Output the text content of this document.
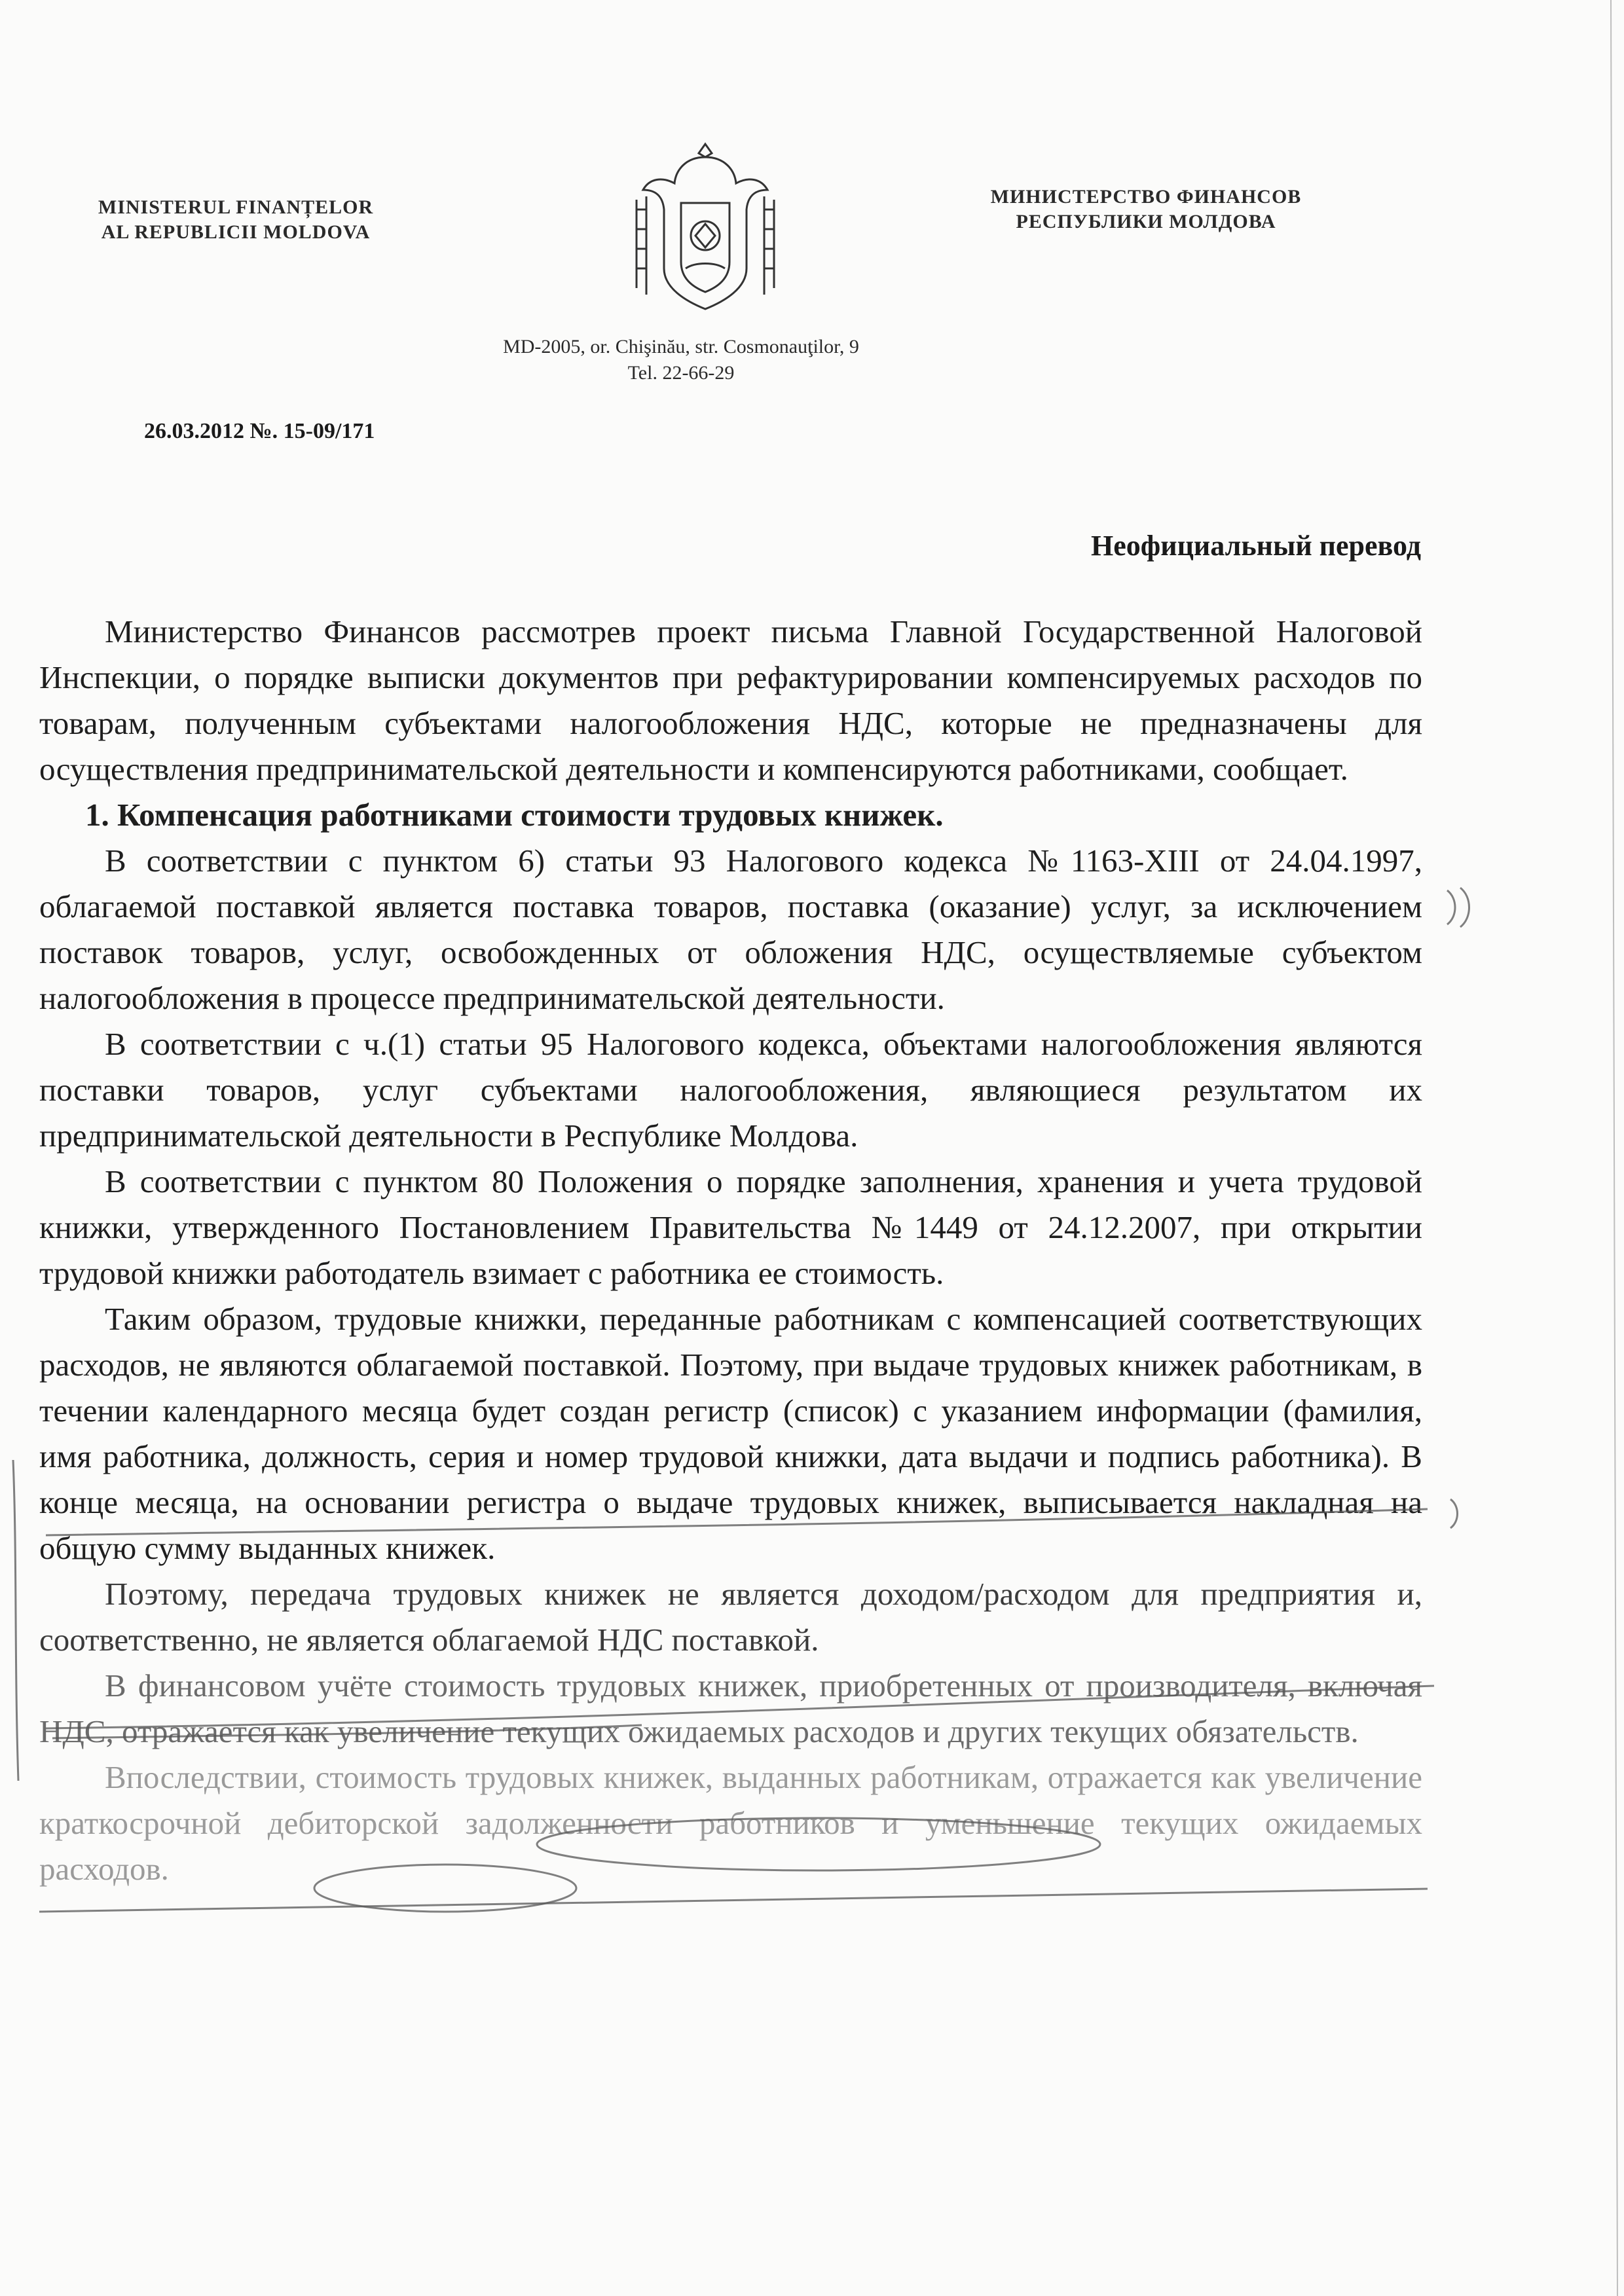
MINISTERUL FINANȚELOR
AL REPUBLICII MOLDOVA
МИНИСТЕРСТВО ФИНАНСОВ
РЕСПУБЛИКИ МОЛДОВА
MD-2005, or. Chişinău, str. Cosmonauţilor, 9
Tel. 22-66-29
26.03.2012 №. 15-09/171
Неофициальный перевод

Министерство Финансов рассмотрев проект письма Главной Государственной Налоговой Инспекции, о порядке выписки документов при рефактурировании компенсируемых расходов по товарам, полученным субъектами налогообложения НДС, которые не предназначены для осуществления предпринимательской деятельности и компенсируются работниками, сообщает.

1. Компенсация работниками стоимости трудовых книжек.

В соответствии с пунктом 6) статьи 93 Налогового кодекса №1163-XIII от 24.04.1997, облагаемой поставкой является поставка товаров, поставка (оказание) услуг, за исключением поставок товаров, услуг, освобожденных от обложения НДС, осуществляемые субъектом налогообложения в процессе предпринимательской деятельности.

В соответствии с ч.(1) статьи 95 Налогового кодекса, объектами налогообложения являются поставки товаров, услуг субъектами налогообложения, являющиеся результатом их предпринимательской деятельности в Республике Молдова.

В соответствии с пунктом 80 Положения о порядке заполнения, хранения и учета трудовой книжки, утвержденного Постановлением Правительства №1449 от 24.12.2007, при открытии трудовой книжки работодатель взимает с работника ее стоимость.

Таким образом, трудовые книжки, переданные работникам с компенсацией соответствующих расходов, не являются облагаемой поставкой. Поэтому, при выдаче трудовых книжек работникам, в течении календарного месяца будет создан регистр (список) с указанием информации (фамилия, имя работника, должность, серия и номер трудовой книжки, дата выдачи и подпись работника). В конце месяца, на основании регистра о выдаче трудовых книжек, выписывается накладная на общую сумму выданных книжек.

Поэтому, передача трудовых книжек не является доходом/расходом для предприятия и, соответственно, не является облагаемой НДС поставкой.

В финансовом учёте стоимость трудовых книжек, приобретенных от производителя, включая НДС, отражается как увеличение текущих ожидаемых расходов и других текущих обязательств.

Впоследствии, стоимость трудовых книжек, выданных работникам, отражается как увеличение краткосрочной дебиторской задолженности работников и уменьшение текущих ожидаемых расходов.
